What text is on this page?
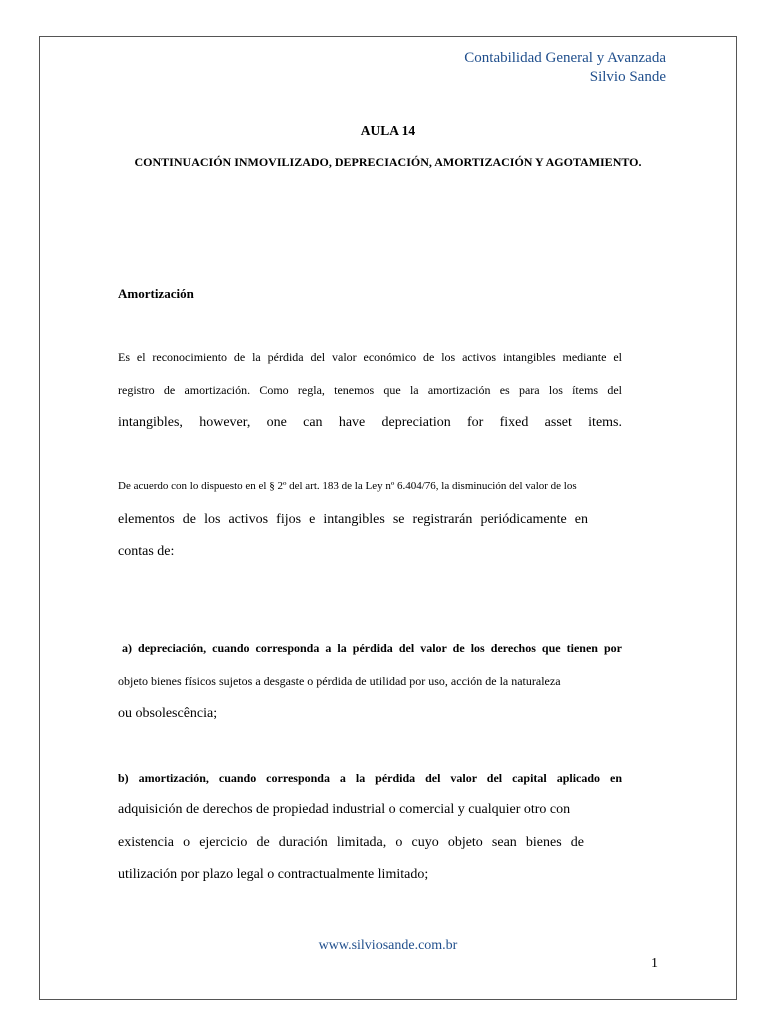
Contabilidad General y Avanzada
Silvio Sande
AULA 14
CONTINUACIÓN INMOVILIZADO, DEPRECIACIÓN, AMORTIZACIÓN Y AGOTAMIENTO.
Amortización
Es el reconocimiento de la pérdida del valor económico de los activos intangibles mediante el
registro de amortización. Como regla, tenemos que la amortización es para los ítems del
intangibles, however, one can have depreciation for fixed asset items.
De acuerdo con lo dispuesto en el § 2º del art. 183 de la Ley nº 6.404/76, la disminución del valor de los
elementos de los activos fijos e intangibles se registrarán periódicamente en
contas de:
a) depreciación, cuando corresponda a la pérdida del valor de los derechos que tienen por
objeto bienes físicos sujetos a desgaste o pérdida de utilidad por uso, acción de la naturaleza
ou obsolescência;
b) amortización, cuando corresponda a la pérdida del valor del capital aplicado en
adquisición de derechos de propiedad industrial o comercial y cualquier otro con
existencia o ejercicio de duración limitada, o cuyo objeto sean bienes de
utilización por plazo legal o contractualmente limitado;
www.silviosande.com.br
1
